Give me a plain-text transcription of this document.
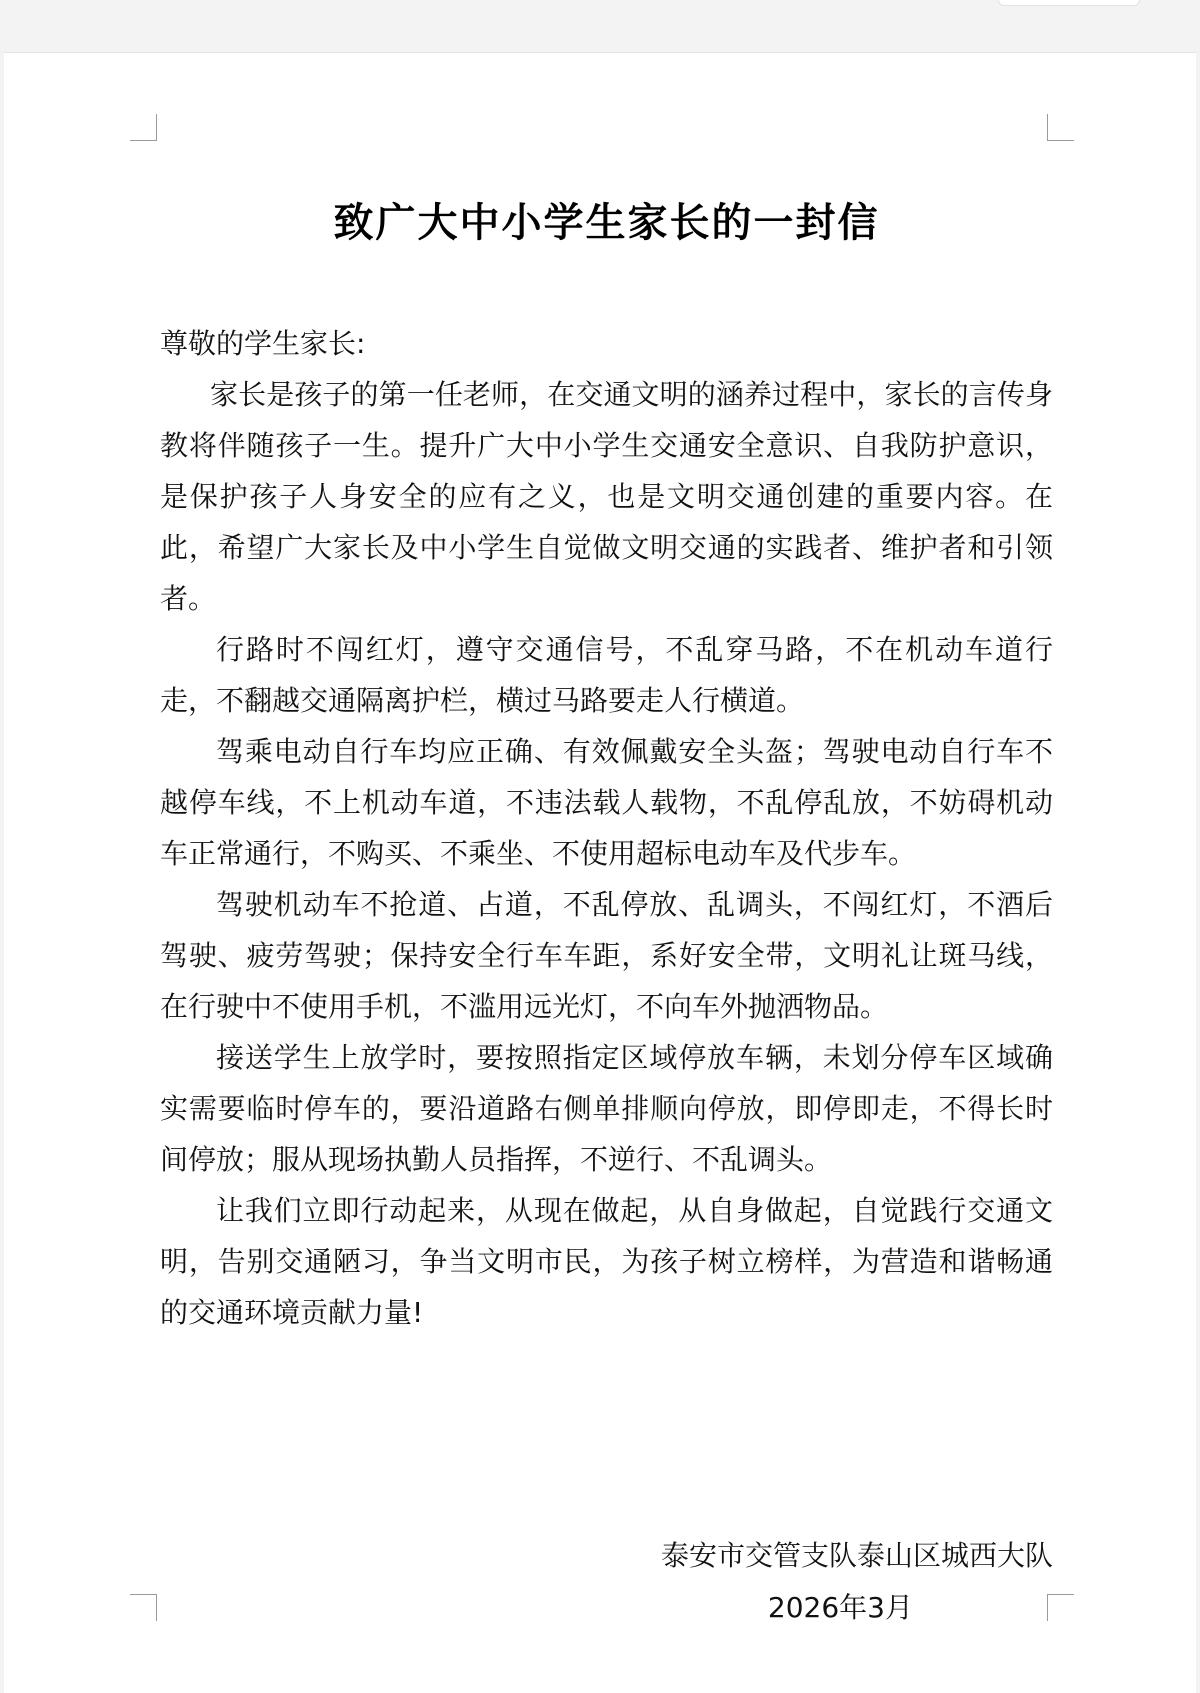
致广大中小学生家长的一封信

尊敬的学生家长:

家长是孩子的第一任老师，在交通文明的涵养过程中，家长的言传身教将伴随孩子一生。提升广大中小学生交通安全意识、自我防护意识，是保护孩子人身安全的应有之义，也是文明交通创建的重要内容。在此，希望广大家长及中小学生自觉做文明交通的实践者、维护者和引领者。

行路时不闯红灯，遵守交通信号，不乱穿马路，不在机动车道行走，不翻越交通隔离护栏，横过马路要走人行横道。

驾乘电动自行车均应正确、有效佩戴安全头盔；驾驶电动自行车不越停车线，不上机动车道，不违法载人载物，不乱停乱放，不妨碍机动车正常通行，不购买、不乘坐、不使用超标电动车及代步车。

驾驶机动车不抢道、占道，不乱停放、乱调头，不闯红灯，不酒后驾驶、疲劳驾驶；保持安全行车车距，系好安全带，文明礼让斑马线，在行驶中不使用手机，不滥用远光灯，不向车外抛洒物品。

接送学生上放学时，要按照指定区域停放车辆，未划分停车区域确实需要临时停车的，要沿道路右侧单排顺向停放，即停即走，不得长时间停放；服从现场执勤人员指挥，不逆行、不乱调头。

让我们立即行动起来，从现在做起，从自身做起，自觉践行交通文明，告别交通陋习，争当文明市民，为孩子树立榜样，为营造和谐畅通的交通环境贡献力量!

泰安市交管支队泰山区城西大队
2026年3月
